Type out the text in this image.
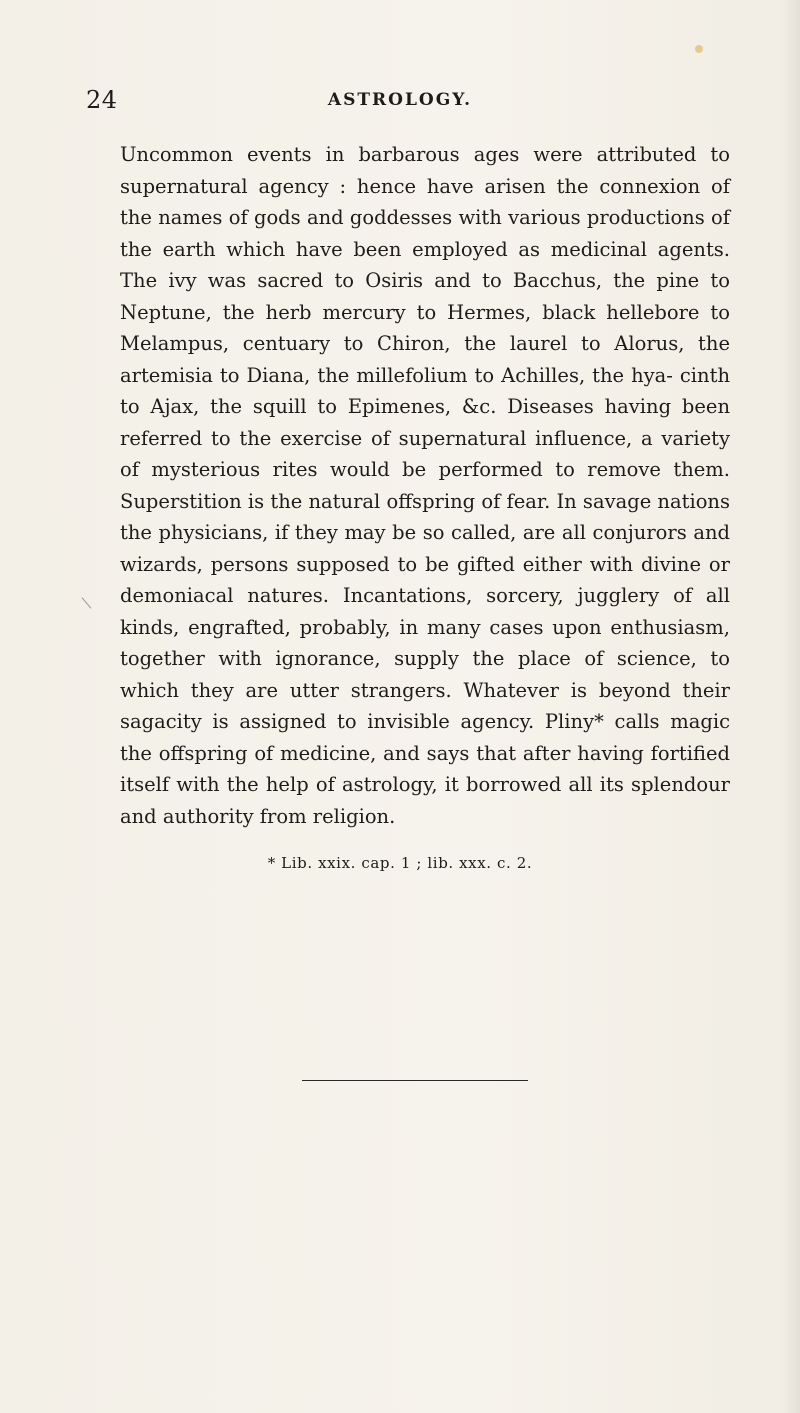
24	ASTROLOGY.

Uncommon events in barbarous ages were attributed to supernatural agency : hence have arisen the connexion of the names of gods and goddesses with various productions of the earth which have been employed as medicinal agents. The ivy was sacred to Osiris and to Bacchus, the pine to Neptune, the herb mercury to Hermes, black hellebore to Melampus, centuary to Chiron, the laurel to Alorus, the artemisia to Diana, the millefolium to Achilles, the hya- cinth to Ajax, the squill to Epimenes, &c. Diseases having been referred to the exercise of supernatural influence, a variety of mysterious rites would be performed to remove them. Superstition is the natural offspring of fear. In savage nations the physicians, if they may be so called, are all conjurors and wizards, persons supposed to be gifted either with divine or demoniacal natures. Incantations, sorcery, jugglery of all kinds, engrafted, probably, in many cases upon enthusiasm, together with ignorance, supply the place of science, to which they are utter strangers. Whatever is beyond their sagacity is assigned to invisible agency. Pliny* calls magic the offspring of medicine, and says that after having fortified itself with the help of astrology, it borrowed all its splendour and authority from religion.

* Lib. xxix. cap. 1 ; lib. xxx. c. 2.
